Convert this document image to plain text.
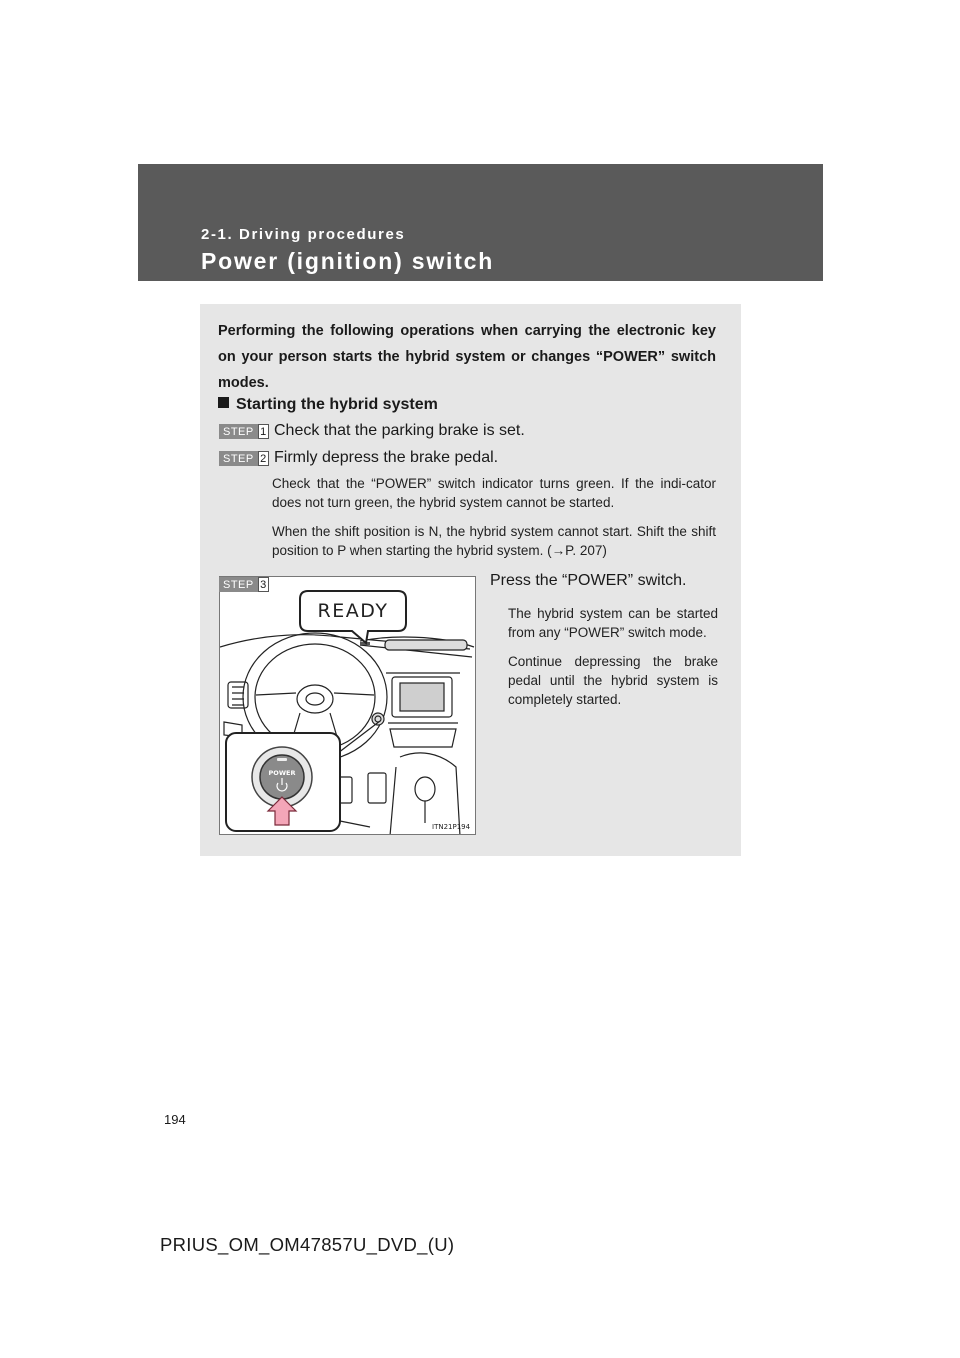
2-1. Driving procedures
Power (ignition) switch
Performing the following operations when carrying the electronic key on your person starts the hybrid system or changes “POWER” switch modes.
Starting the hybrid system
STEP 1 Check that the parking brake is set.
STEP 2 Firmly depress the brake pedal.
Check that the “POWER” switch indicator turns green. If the indi-cator does not turn green, the hybrid system cannot be started.
When the shift position is N, the hybrid system cannot start. Shift the shift position to P when starting the hybrid system. (→P. 207)
STEP 3
READY
POWER
ITN21P194
Press the “POWER” switch.
The hybrid system can be started from any “POWER” switch mode.
Continue depressing the brake pedal until the hybrid system is completely started.
194
PRIUS_OM_OM47857U_DVD_(U)
